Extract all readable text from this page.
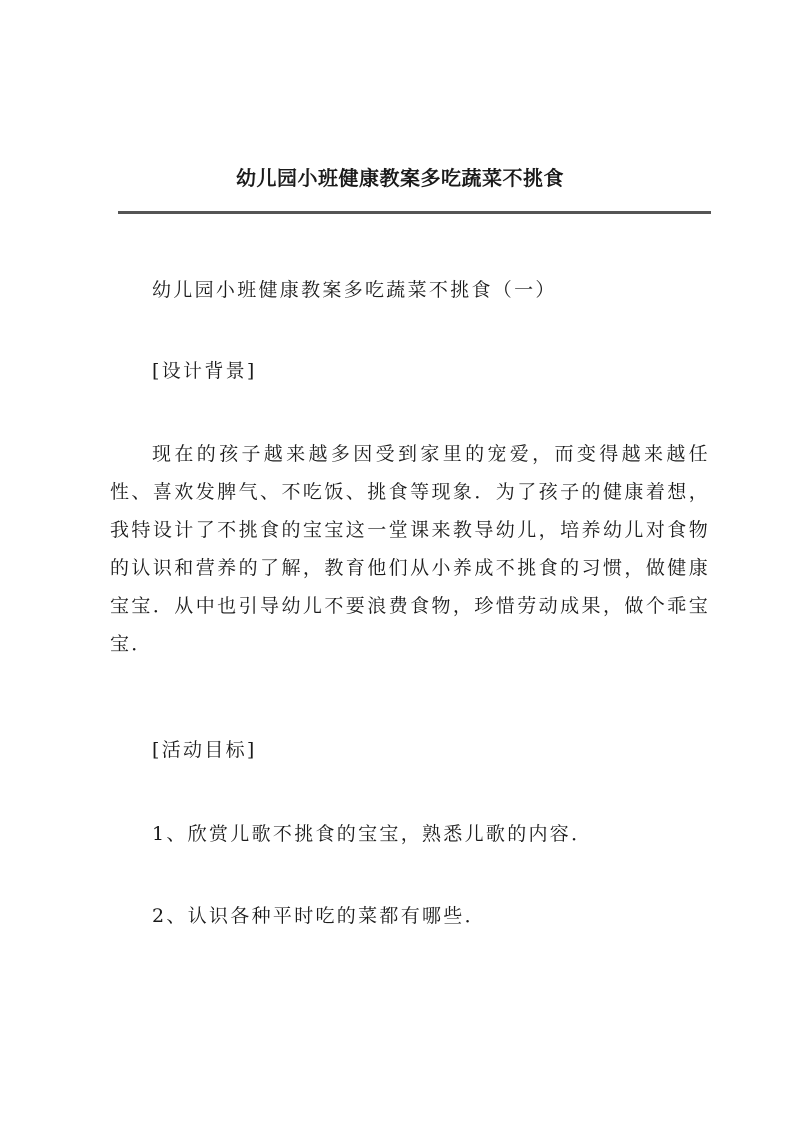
幼儿园小班健康教案多吃蔬菜不挑食

幼儿园小班健康教案多吃蔬菜不挑食（一）

[设计背景]

现在的孩子越来越多因受到家里的宠爱，而变得越来越任性、喜欢发脾气、不吃饭、挑食等现象．为了孩子的健康着想，我特设计了不挑食的宝宝这一堂课来教导幼儿，培养幼儿对食物的认识和营养的了解，教育他们从小养成不挑食的习惯，做健康宝宝．从中也引导幼儿不要浪费食物，珍惜劳动成果，做个乖宝宝．

[活动目标]

1、欣赏儿歌不挑食的宝宝，熟悉儿歌的内容．

2、认识各种平时吃的菜都有哪些．
